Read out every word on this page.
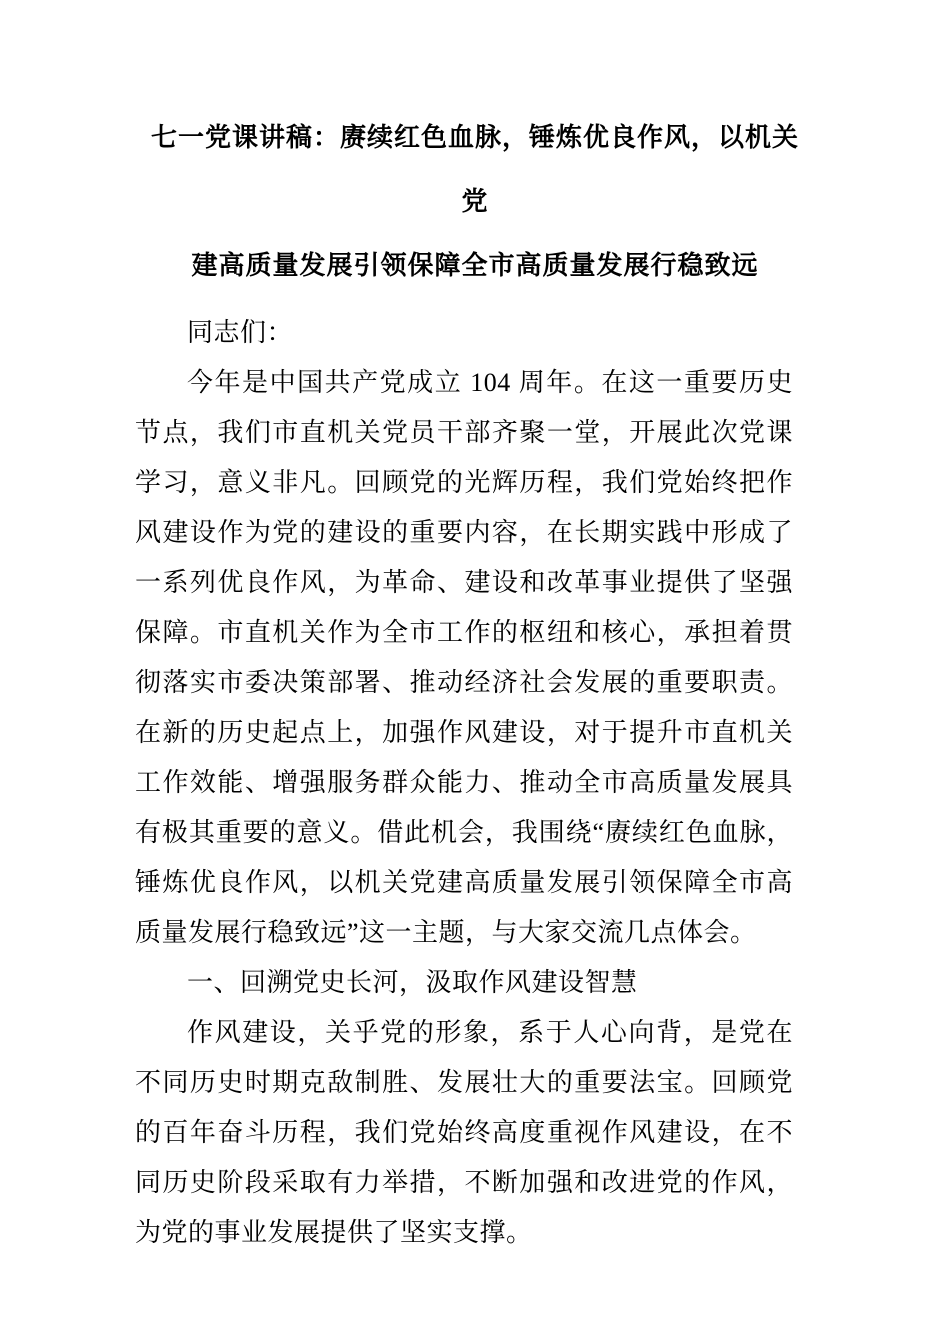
七一党课讲稿：赓续红色血脉，锤炼优良作风，以机关党
建高质量发展引领保障全市高质量发展行稳致远

同志们：

今年是中国共产党成立 104 周年。在这一重要历史节点，我们市直机关党员干部齐聚一堂，开展此次党课学习，意义非凡。回顾党的光辉历程，我们党始终把作风建设作为党的建设的重要内容，在长期实践中形成了一系列优良作风，为革命、建设和改革事业提供了坚强保障。市直机关作为全市工作的枢纽和核心，承担着贯彻落实市委决策部署、推动经济社会发展的重要职责。在新的历史起点上，加强作风建设，对于提升市直机关工作效能、增强服务群众能力、推动全市高质量发展具有极其重要的意义。借此机会，我围绕“赓续红色血脉，锤炼优良作风，以机关党建高质量发展引领保障全市高质量发展行稳致远”这一主题，与大家交流几点体会。

一、回溯党史长河，汲取作风建设智慧

作风建设，关乎党的形象，系于人心向背，是党在不同历史时期克敌制胜、发展壮大的重要法宝。回顾党的百年奋斗历程，我们党始终高度重视作风建设，在不同历史阶段采取有力举措，不断加强和改进党的作风，为党的事业发展提供了坚实支撑。
